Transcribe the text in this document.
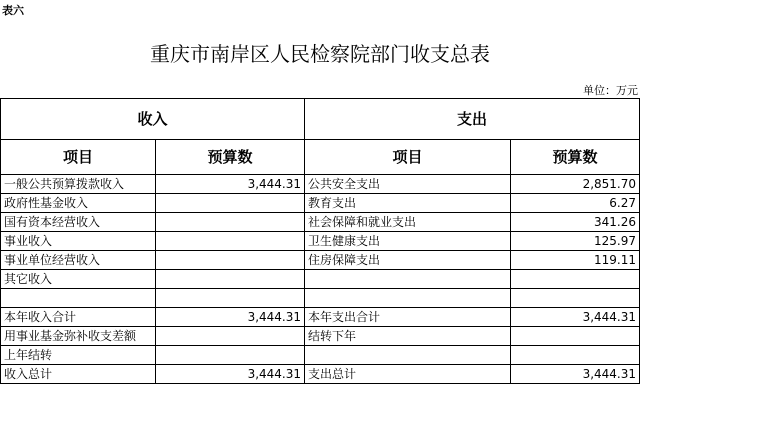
表六
重庆市南岸区人民检察院部门收支总表
单位：万元
收入		支出	
项目	预算数	项目	预算数
一般公共预算拨款收入	3,444.31	公共安全支出	2,851.70
政府性基金收入		教育支出	6.27
国有资本经营收入		社会保障和就业支出	341.26
事业收入		卫生健康支出	125.97
事业单位经营收入		住房保障支出	119.11
其它收入			

本年收入合计	3,444.31	本年支出合计	3,444.31
用事业基金弥补收支差额		结转下年	
上年结转			
收入总计	3,444.31	支出总计	3,444.31
